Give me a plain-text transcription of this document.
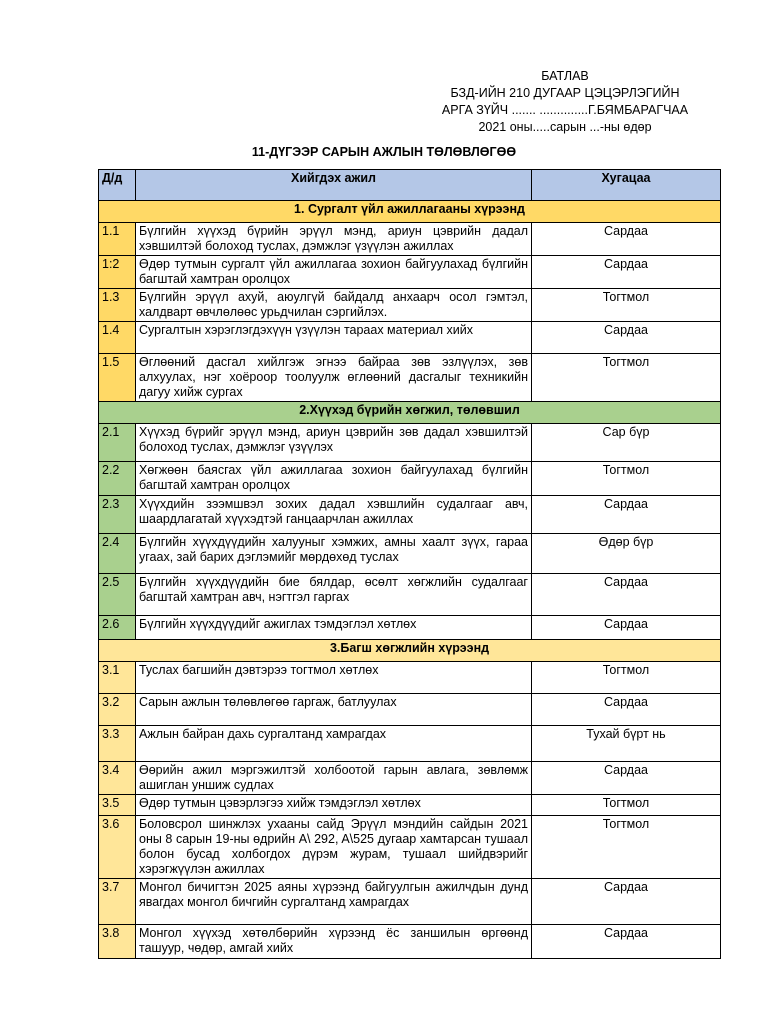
БАТЛАВ
БЗД-ИЙН 210 ДУГААР ЦЭЦЭРЛЭГИЙН
АРГА ЗҮЙЧ ....... ..............Г.БЯМБАРАГЧАА
2021 оны.....сарын ...-ны өдөр
11-ДҮГЭЭР САРЫН АЖЛЫН ТӨЛӨВЛӨГӨӨ
Д/д	Хийгдэх ажил	Хугацаа
1. Сургалт үйл ажиллагааны хүрээнд		
1.1	Бүлгийн хүүхэд бүрийн эрүүл мэнд, ариун цэврийн дадал хэвшилтэй болоход туслах, дэмжлэг үзүүлэн ажиллах	Сардаа
1:2	Өдөр тутмын сургалт үйл ажиллагаа зохион байгуулахад бүлгийн багштай хамтран оролцох	Сардаа
1.3	Бүлгийн эрүүл ахуй, аюулгүй байдалд анхаарч осол гэмтэл, халдварт өвчлөлөөс урьдчилан сэргийлэх.	Тогтмол
1.4	Сургалтын хэрэглэгдэхүүн үзүүлэн тараах материал хийх	Сардаа
1.5	Өглөөний дасгал хийлгэж эгнээ байраа зөв эзлүүлэх, зөв алхуулах, нэг хоёроор тоолуулж өглөөний дасгалыг техникийн дагуу хийж сургах	Тогтмол
2.Хүүхэд бүрийн хөгжил, төлөвшил		
2.1	Хүүхэд бүрийг эрүүл мэнд, ариун цэврийн зөв дадал хэвшилтэй болоход туслах, дэмжлэг үзүүлэх	Сар бүр
2.2	Хөгжөөн баясгах үйл ажиллагаа зохион байгуулахад бүлгийн багштай хамтран оролцох	Тогтмол
2.3	Хүүхдийн зээмшвэл зохих дадал хэвшлийн судалгааг авч, шаардлагатай хүүхэдтэй ганцаарчлан ажиллах	Сардаа
2.4	Бүлгийн хүүхдүүдийн халууныг хэмжих, амны хаалт зүүх, гараа угаах, зай барих дэглэмийг мөрдөхөд туслах	Өдөр бүр
2.5	Бүлгийн хүүхдүүдийн бие бялдар, өсөлт хөгжлийн судалгааг багштай хамтран авч, нэгтгэл гаргах	Сардаа
2.6	Бүлгийн хүүхдүүдийг ажиглах тэмдэглэл хөтлөх	Сардаа
3.Багш хөгжлийн хүрээнд		
3.1	Туслах багшийн дэвтэрээ тогтмол хөтлөх	Тогтмол
3.2	Сарын ажлын төлөвлөгөө гаргаж, батлуулах	Сардаа
3.3	Ажлын байран дахь сургалтанд хамрагдах	Тухай бүрт нь
3.4	Өөрийн ажил мэргэжилтэй холбоотой гарын авлага, зөвлөмж ашиглан уншиж судлах	Сардаа
3.5	Өдөр тутмын цэвэрлэгээ хийж тэмдэглэл хөтлөх	Тогтмол
3.6	Боловсрол шинжлэх ухааны сайд Эрүүл мэндийн сайдын 2021 оны 8 сарын 19-ны өдрийн A\ 292, A\525 дугаар хамтарсан тушаал болон бусад холбогдох дүрэм журам, тушаал шийдвэрийг хэрэгжүүлэн ажиллах	Тогтмол
3.7	Монгол бичигтэн 2025 аяны хүрээнд байгуулгын ажилчдын дунд явагдах монгол бичгийн сургалтанд хамрагдах	Сардаа
3.8	Монгол хүүхэд хөтөлбөрийн хүрээнд ёс заншилын өргөөнд ташуур, чөдөр, амгай хийх	Сардаа
